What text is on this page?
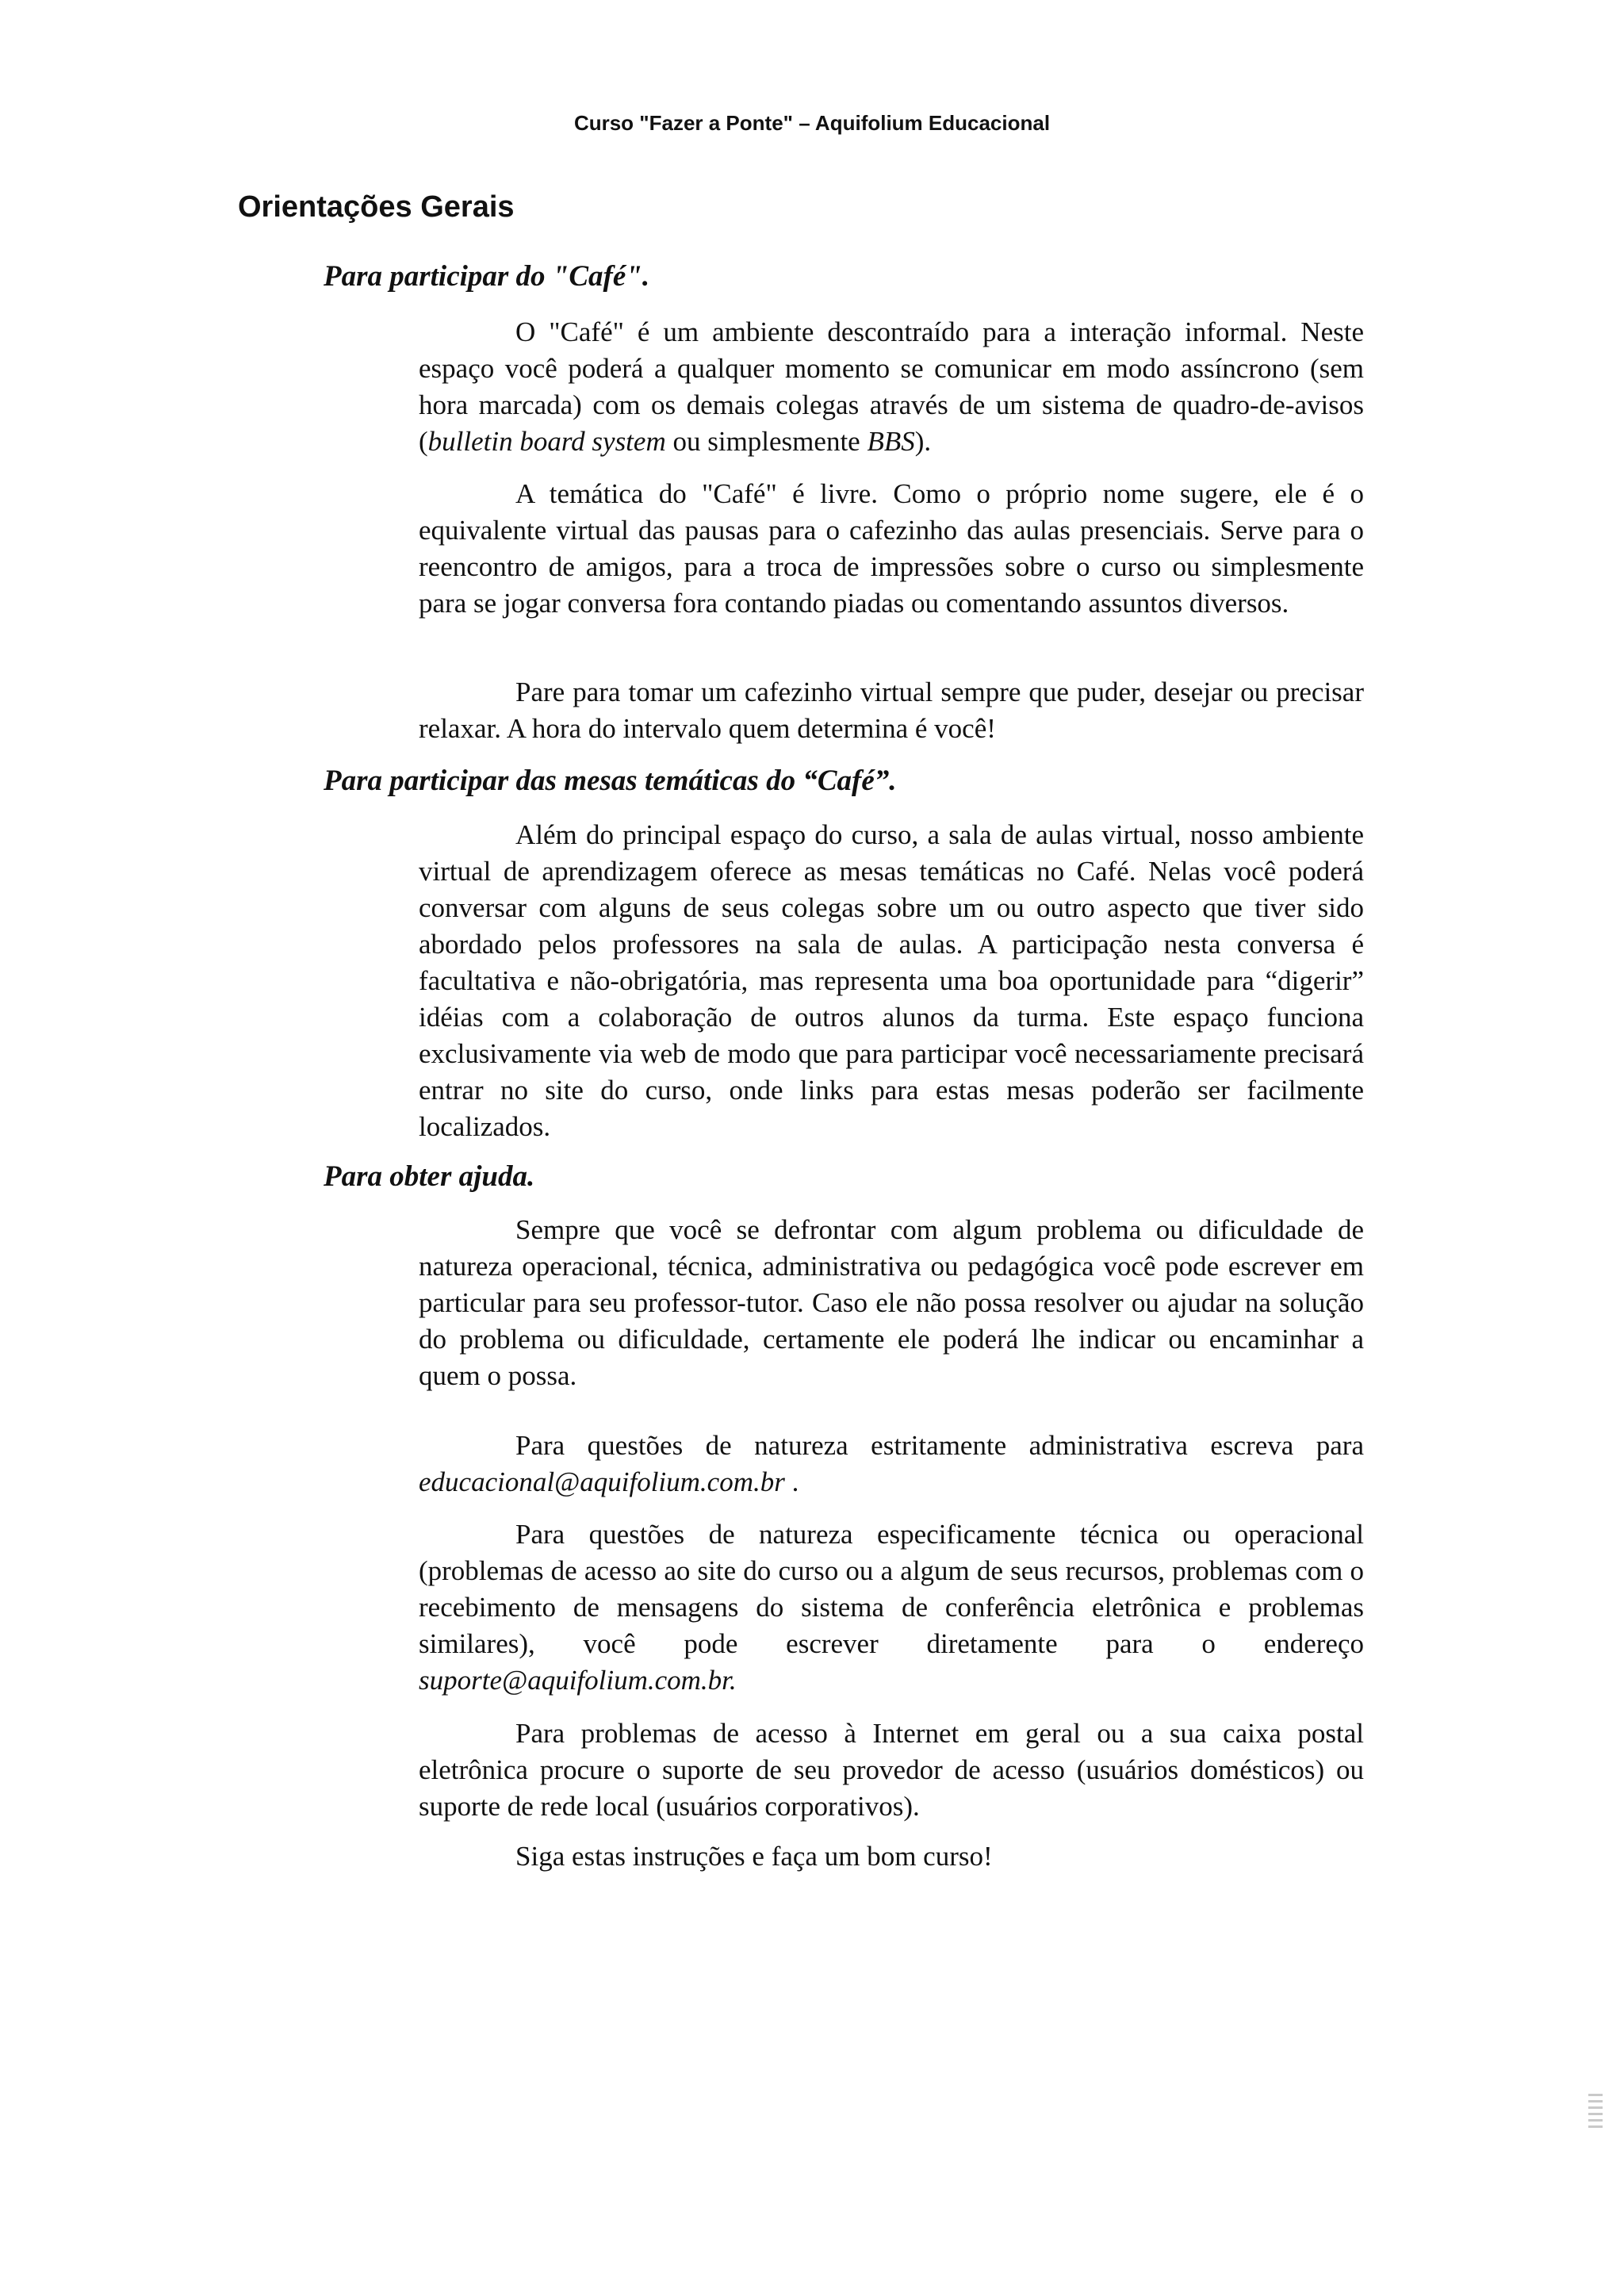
Curso "Fazer a Ponte" – Aquifolium Educacional
Orientações Gerais
Para participar do "Café".

O "Café" é um ambiente descontraído para a interação informal. Neste espaço você poderá a qualquer momento se comunicar em modo assíncrono (sem hora marcada) com os demais colegas através de um sistema de quadro-de-avisos (bulletin board system ou simplesmente BBS).

A temática do "Café" é livre. Como o próprio nome sugere, ele é o equivalente virtual das pausas para o cafezinho das aulas presenciais. Serve para o reencontro de amigos, para a troca de impressões sobre o curso ou simplesmente para se jogar conversa fora contando piadas ou comentando assuntos diversos.

Pare para tomar um cafezinho virtual sempre que puder, desejar ou precisar relaxar. A hora do intervalo quem determina é você!

Para participar das mesas temáticas do “Café”.

Além do principal espaço do curso, a sala de aulas virtual, nosso ambiente virtual de aprendizagem oferece as mesas temáticas no Café. Nelas você poderá conversar com alguns de seus colegas sobre um ou outro aspecto que tiver sido abordado pelos professores na sala de aulas. A participação nesta conversa é facultativa e não-obrigatória, mas representa uma boa oportunidade para “digerir” idéias com a colaboração de outros alunos da turma. Este espaço funciona exclusivamente via web de modo que para participar você necessariamente precisará entrar no site do curso, onde links para estas mesas poderão ser facilmente localizados.

Para obter ajuda.

Sempre que você se defrontar com algum problema ou dificuldade de natureza operacional, técnica, administrativa ou pedagógica você pode escrever em particular para seu professor-tutor. Caso ele não possa resolver ou ajudar na solução do problema ou dificuldade, certamente ele poderá lhe indicar ou encaminhar a quem o possa.

Para questões de natureza estritamente administrativa escreva para educacional@aquifolium.com.br .

Para questões de natureza especificamente técnica ou operacional (problemas de acesso ao site do curso ou a algum de seus recursos, problemas com o recebimento de mensagens do sistema de conferência eletrônica e problemas similares), você pode escrever diretamente para o endereço suporte@aquifolium.com.br.

Para problemas de acesso à Internet em geral ou a sua caixa postal eletrônica procure o suporte de seu provedor de acesso (usuários domésticos) ou suporte de rede local (usuários corporativos).

Siga estas instruções e faça um bom curso!
